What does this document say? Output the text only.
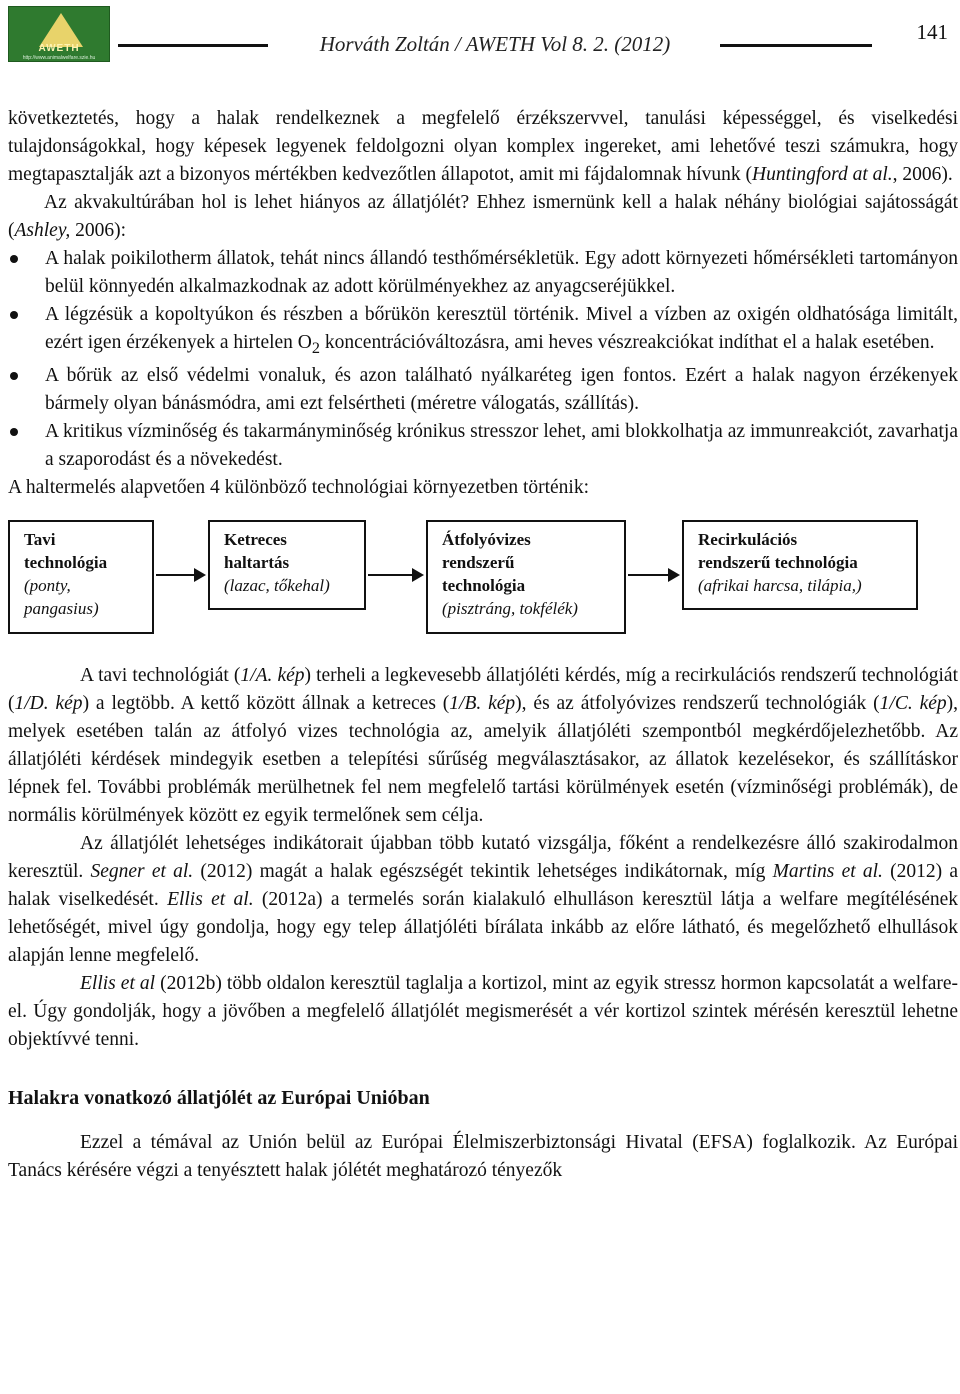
AWETH
http://www.animalwelfare.szie.hu
Horváth Zoltán / AWETH Vol 8. 2. (2012)	141

következtetés, hogy a halak rendelkeznek a megfelelő érzékszervvel, tanulási képességgel, és viselkedési tulajdonságokkal, hogy képesek legyenek feldolgozni olyan komplex ingereket, ami lehetővé teszi számukra, hogy megtapasztalják azt a bizonyos mértékben kedvezőtlen állapotot, amit mi fájdalomnak hívunk (Huntingford at al., 2006).

Az akvakultúrában hol is lehet hiányos az állatjólét? Ehhez ismernünk kell a halak néhány biológiai sajátosságát (Ashley, 2006):

A halak poikilotherm állatok, tehát nincs állandó testhőmérsékletük. Egy adott környezeti hőmérsékleti tartományon belül könnyedén alkalmazkodnak az adott körülményekhez az anyagcseréjükkel.
A légzésük a kopoltyúkon és részben a bőrükön keresztül történik. Mivel a vízben az oxigén oldhatósága limitált, ezért igen érzékenyek a hirtelen $O_2$ koncentrációváltozásra, ami heves vészreakciókat indíthat el a halak esetében.
A bőrük az első védelmi vonaluk, és azon található nyálkaréteg igen fontos. Ezért a halak nagyon érzékenyek bármely olyan bánásmódra, ami ezt felsértheti (méretre válogatás, szállítás).
A kritikus vízminőség és takarmányminőség krónikus stresszor lehet, ami blokkolhatja az immunreakciót, zavarhatja a szaporodást és a növekedést.

A haltermelés alapvetően 4 különböző technológiai környezetben történik:

Tavi
technológia
(ponty, pangasius)
Ketreces
haltartás
(lazac, tőkehal)
Átfolyóvizes
rendszerű
technológia
(pisztráng, tokfélék)
Recirkulációs
rendszerű technológia
(afrikai harcsa, tilápia,)

A tavi technológiát (1/A. kép) terheli a legkevesebb állatjóléti kérdés, míg a recirkulációs rendszerű technológiát (1/D. kép) a legtöbb. A kettő között állnak a ketreces (1/B. kép), és az átfolyóvizes rendszerű technológiák (1/C. kép), melyek esetében talán az átfolyó vizes technológia az, amelyik állatjóléti szempontból megkérdőjelezhetőbb. Az állatjóléti kérdések mindegyik esetben a telepítési sűrűség megválasztásakor, az állatok kezelésekor, és szállításkor lépnek fel. További problémák merülhetnek fel nem megfelelő tartási körülmények esetén (vízminőségi problémák), de normális körülmények között ez egyik termelőnek sem célja.

Az állatjólét lehetséges indikátorait újabban több kutató vizsgálja, főként a rendelkezésre álló szakirodalmon keresztül. Segner et al. (2012) magát a halak egészségét tekintik lehetséges indikátornak, míg Martins et al. (2012) a halak viselkedését. Ellis et al. (2012a) a termelés során kialakuló elhulláson keresztül látja a welfare megítélésének lehetőségét, mivel úgy gondolja, hogy egy telep állatjóléti bírálata inkább az előre látható, és megelőzhető elhullások alapján lenne megfelelő.

Ellis et al (2012b) több oldalon keresztül taglalja a kortizol, mint az egyik stressz hormon kapcsolatát a welfare-el. Úgy gondolják, hogy a jövőben a megfelelő állatjólét megismerését a vér kortizol szintek mérésén keresztül lehetne objektívvé tenni.

Halakra vonatkozó állatjólét az Európai Unióban

Ezzel a témával az Unión belül az Európai Élelmiszerbiztonsági Hivatal (EFSA) foglalkozik. Az Európai Tanács kérésére végzi a tenyésztett halak jólétét meghatározó tényezők
